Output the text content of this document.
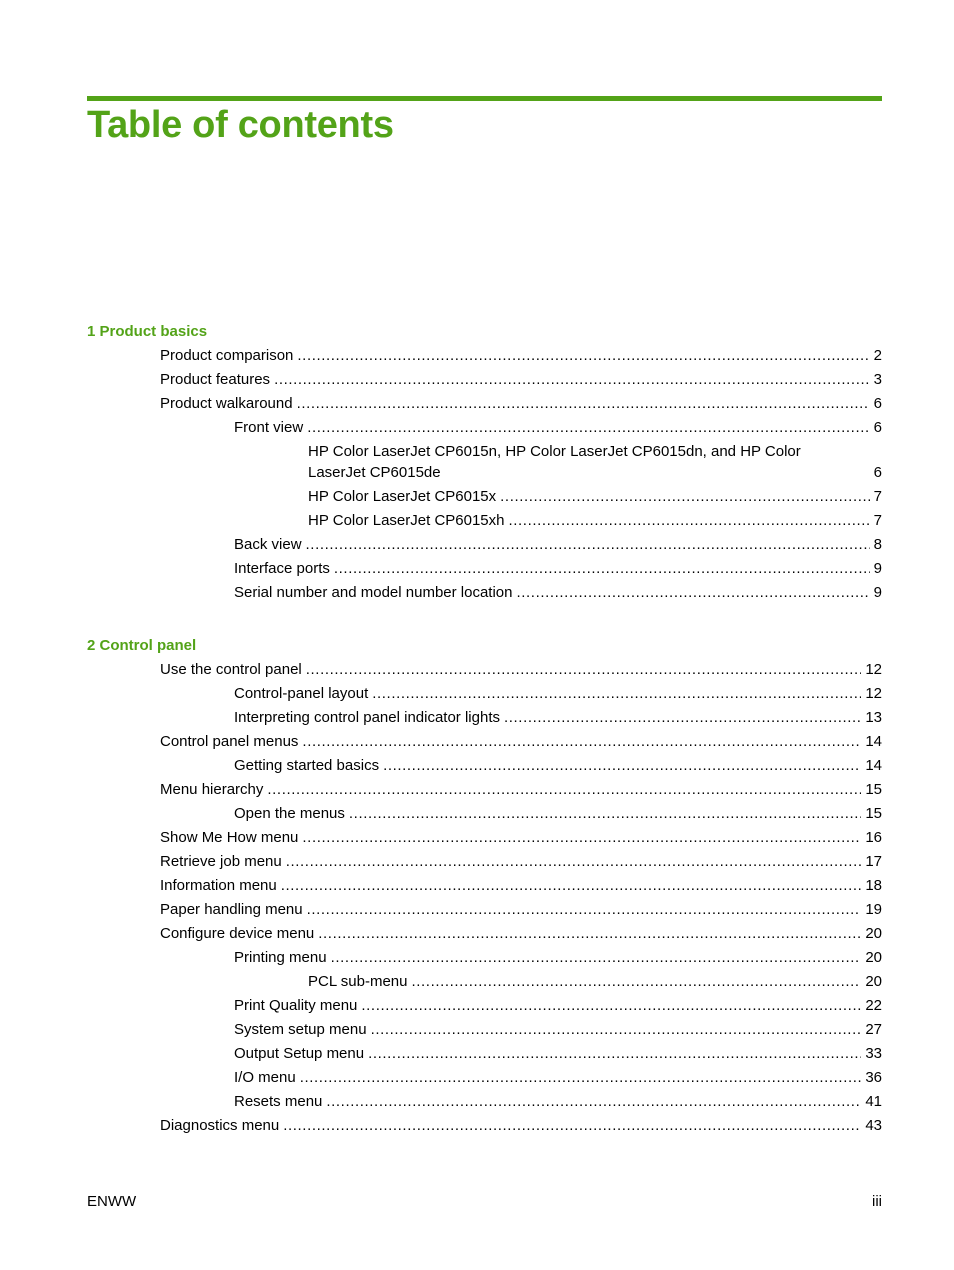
Table of contents
1 Product basics
Product comparison .....	2
Product features .....	3
Product walkaround .....	6
Front view .....	6
HP Color LaserJet CP6015n, HP Color LaserJet CP6015dn, and HP Color
LaserJet CP6015de	6
HP Color LaserJet CP6015x .....	7
HP Color LaserJet CP6015xh .....	7
Back view .....	8
Interface ports .....	9
Serial number and model number location .....	9
2 Control panel
Use the control panel .....	12
Control-panel layout .....	12
Interpreting control panel indicator lights .....	13
Control panel menus .....	14
Getting started basics .....	14
Menu hierarchy .....	15
Open the menus .....	15
Show Me How menu .....	16
Retrieve job menu .....	17
Information menu .....	18
Paper handling menu .....	19
Configure device menu .....	20
Printing menu .....	20
PCL sub-menu .....	20
Print Quality menu .....	22
System setup menu .....	27
Output Setup menu .....	33
I/O menu .....	36
Resets menu .....	41
Diagnostics menu .....	43
ENWW	iii
